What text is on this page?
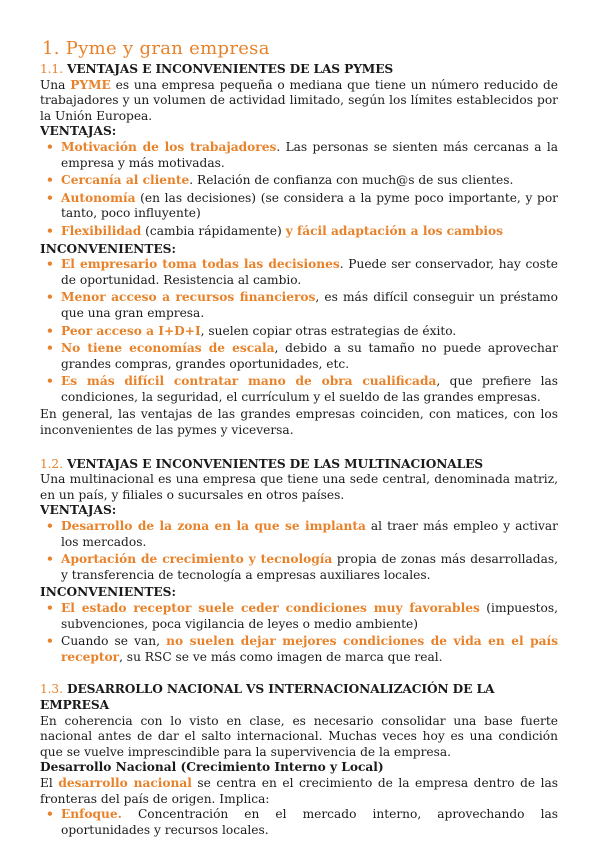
1. Pyme y gran empresa
1.1. VENTAJAS E INCONVENIENTES DE LAS PYMES

Una PYME es una empresa pequeña o mediana que tiene un número reducido de trabajadores y un volumen de actividad limitado, según los límites establecidos por la Unión Europea.

VENTAJAS:
• Motivación de los trabajadores. Las personas se sienten más cercanas a la empresa y más motivadas.
• Cercanía al cliente. Relación de confianza con much@s de sus clientes.
• Autonomía (en las decisiones) (se considera a la pyme poco importante, y por tanto, poco influyente)
• Flexibilidad (cambia rápidamente) y fácil adaptación a los cambios
INCONVENIENTES:
• El empresario toma todas las decisiones. Puede ser conservador, hay coste de oportunidad. Resistencia al cambio.
• Menor acceso a recursos financieros, es más difícil conseguir un préstamo que una gran empresa.
• Peor acceso a I+D+I, suelen copiar otras estrategias de éxito.
• No tiene economías de escala, debido a su tamaño no puede aprovechar grandes compras, grandes oportunidades, etc.
• Es más difícil contratar mano de obra cualificada, que prefiere las condiciones, la seguridad, el currículum y el sueldo de las grandes empresas.

En general, las ventajas de las grandes empresas coinciden, con matices, con los inconvenientes de las pymes y viceversa.

1.2. VENTAJAS E INCONVENIENTES DE LAS MULTINACIONALES

Una multinacional es una empresa que tiene una sede central, denominada matriz, en un país, y filiales o sucursales en otros países.

VENTAJAS:
• Desarrollo de la zona en la que se implanta al traer más empleo y activar los mercados.
• Aportación de crecimiento y tecnología propia de zonas más desarrolladas, y transferencia de tecnología a empresas auxiliares locales.
INCONVENIENTES:
• El estado receptor suele ceder condiciones muy favorables (impuestos, subvenciones, poca vigilancia de leyes o medio ambiente)
• Cuando se van, no suelen dejar mejores condiciones de vida en el país receptor, su RSC se ve más como imagen de marca que real.
1.3. DESARROLLO NACIONAL VS INTERNACIONALIZACIÓN DE LA EMPRESA

En coherencia con lo visto en clase, es necesario consolidar una base fuerte nacional antes de dar el salto internacional. Muchas veces hoy es una condición que se vuelve imprescindible para la supervivencia de la empresa.

Desarrollo Nacional (Crecimiento Interno y Local)

El desarrollo nacional se centra en el crecimiento de la empresa dentro de las fronteras del país de origen. Implica:

• Enfoque. Concentración en el mercado interno, aprovechando las oportunidades y recursos locales.
